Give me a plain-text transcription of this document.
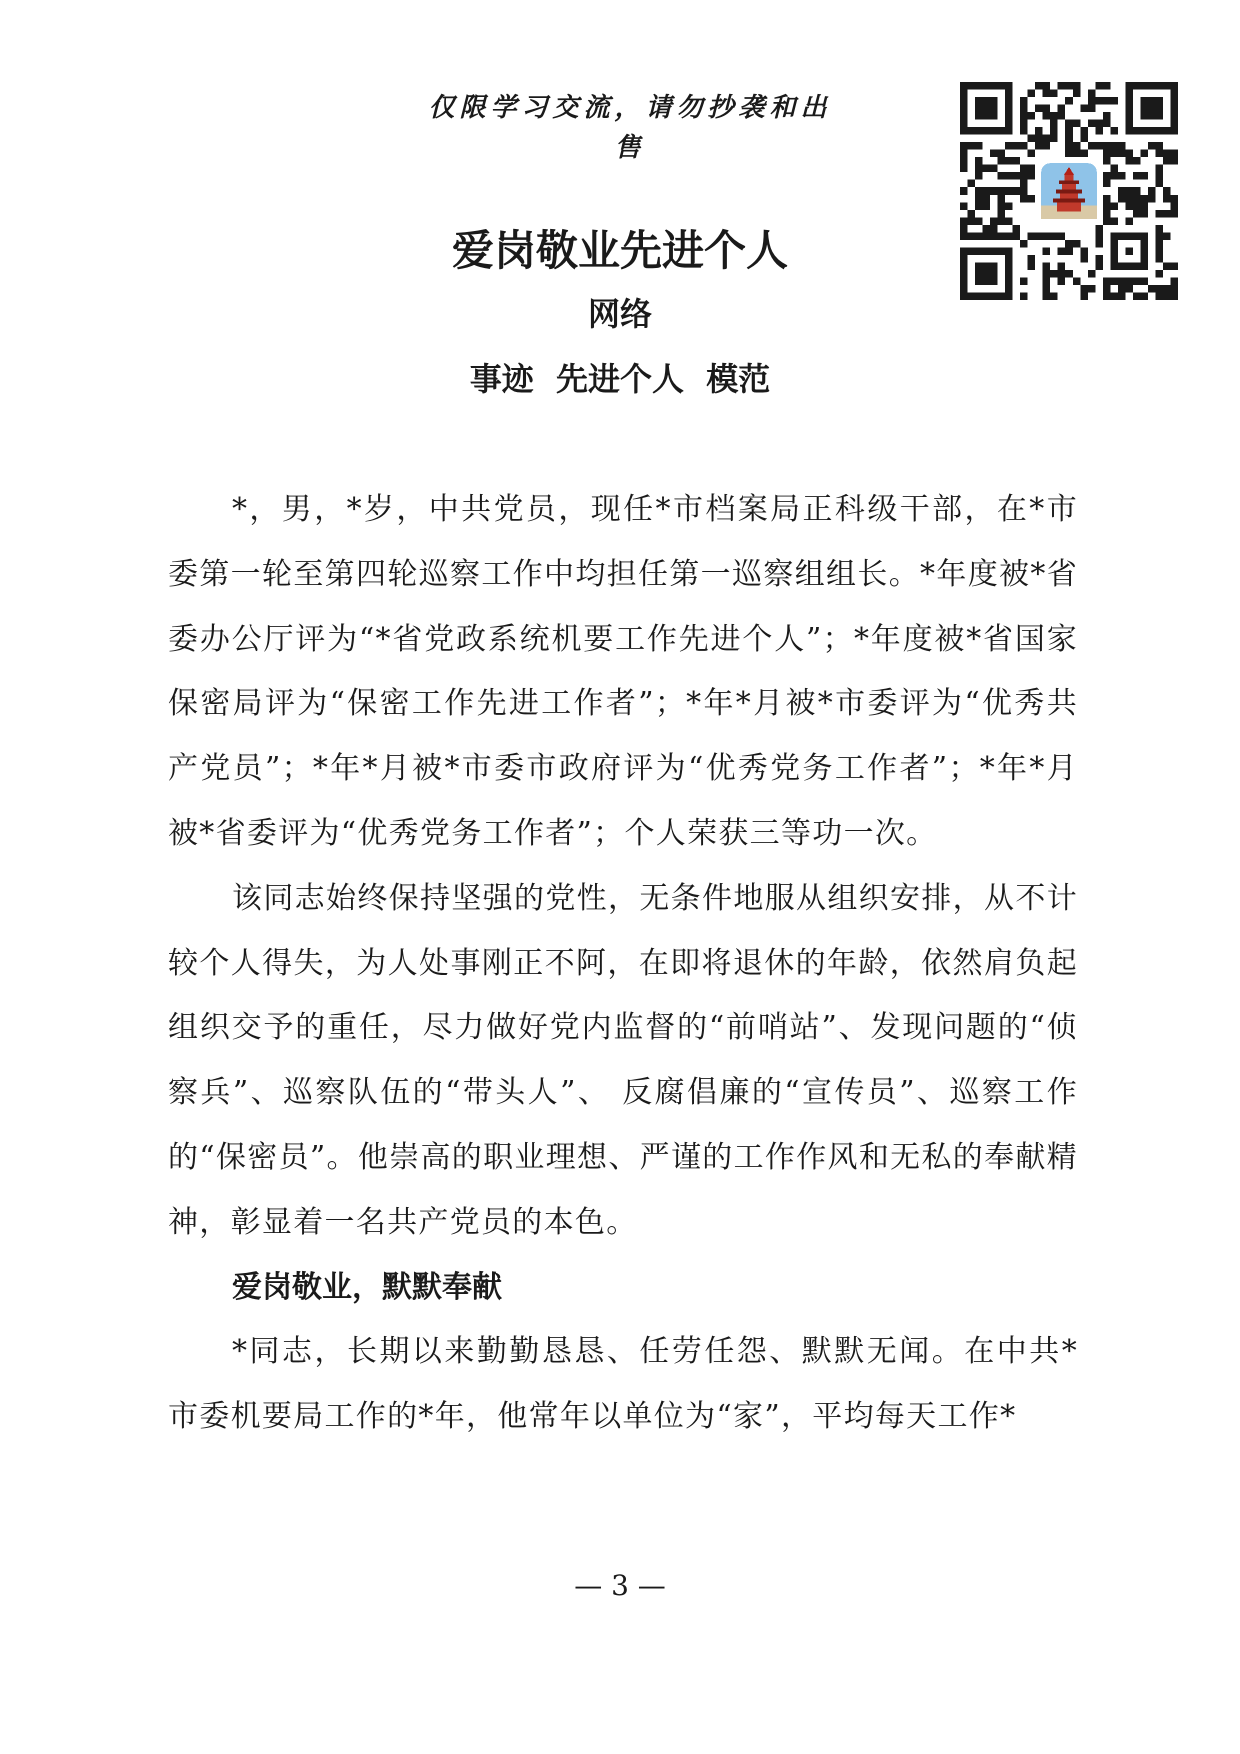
仅限学习交流，请勿抄袭和出售
爱岗敬业先进个人
网络
事迹  先进个人  模范

*，男，*岁，中共党员，现任*市档案局正科级干部，在*市委第一轮至第四轮巡察工作中均担任第一巡察组组长。*年度被*省委办公厅评为“*省党政系统机要工作先进个人”；*年度被*省国家保密局评为“保密工作先进工作者”；*年*月被*市委评为“优秀共产党员”；*年*月被*市委市政府评为“优秀党务工作者”；*年*月被*省委评为“优秀党务工作者”；个人荣获三等功一次。

该同志始终保持坚强的党性，无条件地服从组织安排，从不计较个人得失，为人处事刚正不阿，在即将退休的年龄，依然肩负起组织交予的重任，尽力做好党内监督的“前哨站”、发现问题的“侦察兵”、巡察队伍的“带头人”、 反腐倡廉的“宣传员”、巡察工作的“保密员”。他崇高的职业理想、严谨的工作作风和无私的奉献精神，彰显着一名共产党员的本色。

爱岗敬业，默默奉献

*同志，长期以来勤勤恳恳、任劳任怨、默默无闻。在中共*市委机要局工作的*年，他常年以单位为“家”，平均每天工作*

— 3 —
